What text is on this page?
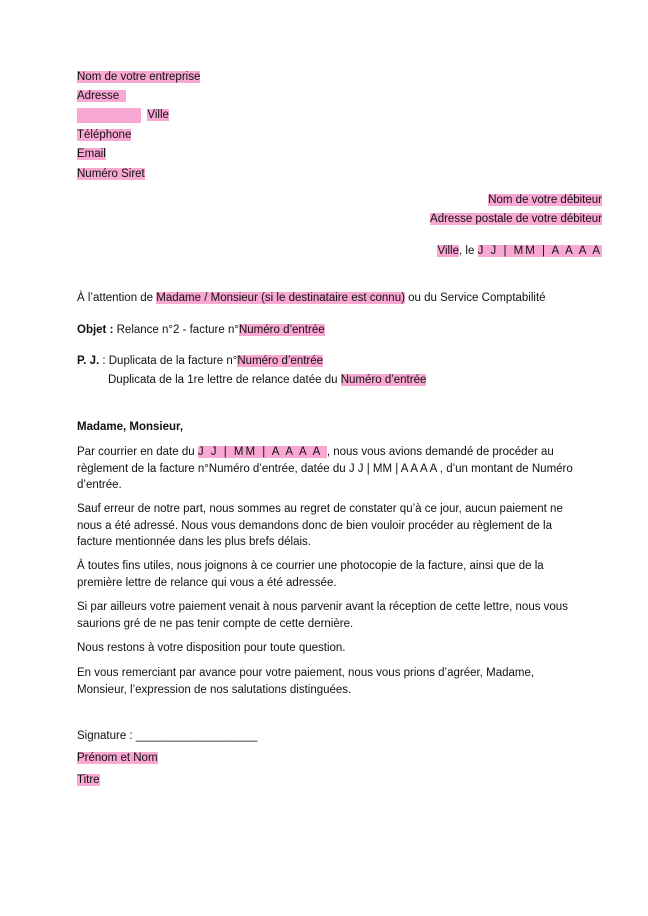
Nom de votre entreprise
Adresse
Ville
Téléphone
Email
Numéro Siret
Nom de votre débiteur
Adresse postale de votre débiteur
Ville, le J J | MM | A A A A
À l’attention de Madame / Monsieur (si le destinataire est connu) ou du Service Comptabilité
Objet : Relance n°2 - facture n°Numéro d’entrée
P. J. : Duplicata de la facture n°Numéro d’entrée
Duplicata de la 1re lettre de relance datée du Numéro d’entrée
Madame, Monsieur,
Par courrier en date du J J | MM | A A A A , nous vous avions demandé de procéder au règlement de la facture n°Numéro d’entrée, datée du J J | MM | A A A A , d’un montant de Numéro d’entrée.
Sauf erreur de notre part, nous sommes au regret de constater qu’à ce jour, aucun paiement ne nous a été adressé. Nous vous demandons donc de bien vouloir procéder au règlement de la facture mentionnée dans les plus brefs délais.
À toutes fins utiles, nous joignons à ce courrier une photocopie de la facture, ainsi que de la première lettre de relance qui vous a été adressée.
Si par ailleurs votre paiement venait à nous parvenir avant la réception de cette lettre, nous vous saurions gré de ne pas tenir compte de cette dernière.
Nous restons à votre disposition pour toute question.
En vous remerciant par avance pour votre paiement, nous vous prions d’agréer, Madame, Monsieur, l’expression de nos salutations distinguées.
Signature : ___________________
Prénom et Nom
Titre
